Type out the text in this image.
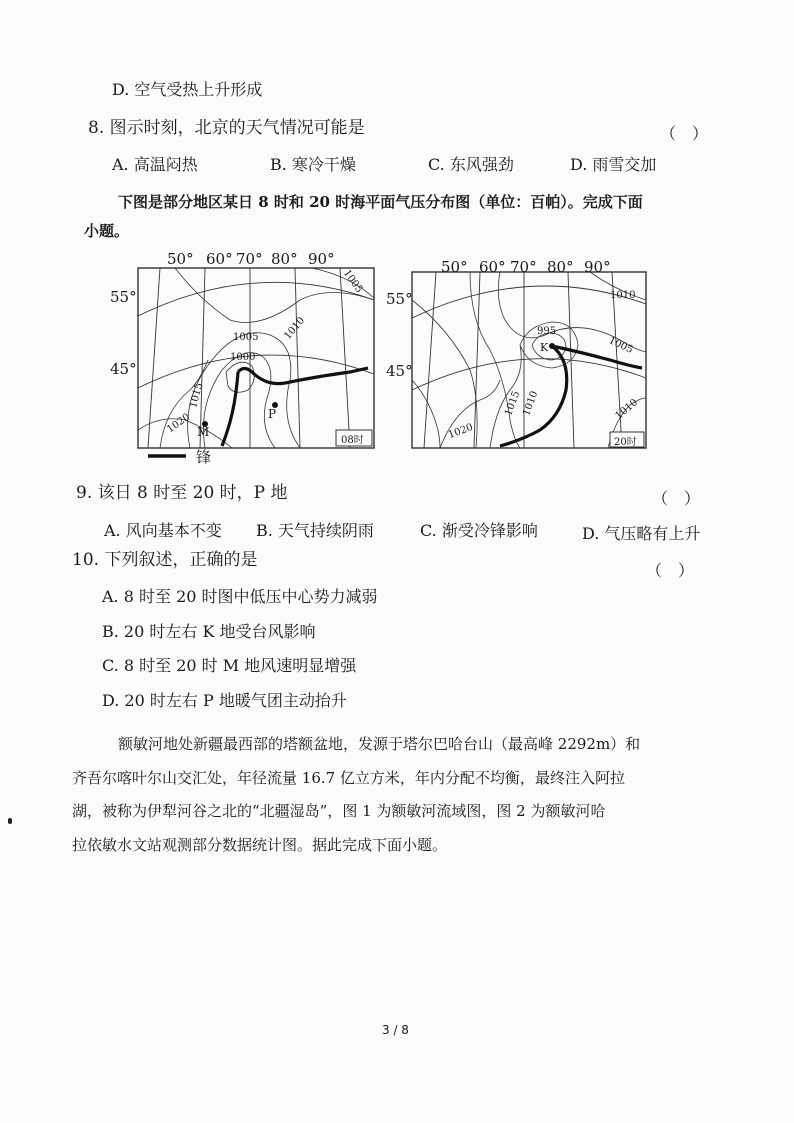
D. 空气受热上升形成
8. 图示时刻，北京的天气情况可能是	（　）
A. 高温闷热	B. 寒冷干燥	C. 东风强劲	D. 雨雪交加
下图是部分地区某日 8 时和 20 时海平面气压分布图（单位：百帕）。完成下面
小题。
50° 60° 70° 80° 90°
55°
45°
1005
1010
1005
1000
1015
1020 M
P
08时
锋
50° 60° 70° 80° 90°
55°
45°
1010
995
1005
1015
1010
1020
1010
K
20时
9. 该日 8 时至 20 时，P 地	（　）
A. 风向基本不变 B. 天气持续阴雨	C. 渐受冷锋影响	D. 气压略有上升
10. 下列叙述，正确的是
（　）
A. 8 时至 20 时图中低压中心势力减弱
B. 20 时左右 K 地受台风影响
C. 8 时至 20 时 M 地风速明显增强
D. 20 时左右 P 地暖气团主动抬升
额敏河地处新疆最西部的塔额盆地，发源于塔尔巴哈台山（最高峰 2292m）和
齐吾尔喀叶尔山交汇处，年径流量 16.7 亿立方米，年内分配不均衡，最终注入阿拉
湖，被称为伊犁河谷之北的“北疆湿岛”，图 1 为额敏河流域图，图 2 为额敏河哈
拉依敏水文站观测部分数据统计图。据此完成下面小题。
3 / 8
